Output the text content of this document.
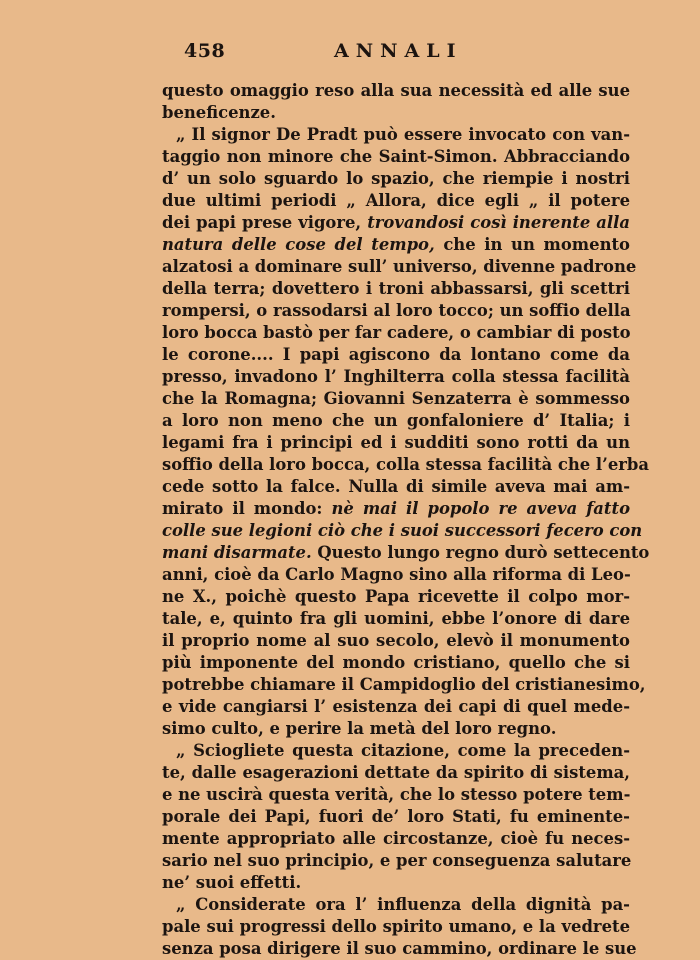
458	ANNALI
questo omaggio reso alla sua necessità ed alle sue
beneficenze.
„ Il signor De Pradt può essere invocato con van-
taggio non minore che Saint-Simon. Abbracciando
d’ un solo sguardo lo spazio, che riempie i nostri
due ultimi periodi „ Allora, dice egli „ il potere
dei papi prese vigore, trovandosi così inerente alla
natura delle cose del tempo, che in un momento
alzatosi a dominare sull’ universo, divenne padrone
della terra; dovettero i troni abbassarsi, gli scettri
rompersi, o rassodarsi al loro tocco; un soffio della
loro bocca bastò per far cadere, o cambiar di posto
le corone.... I papi agiscono da lontano come da
presso, invadono l’ Inghilterra colla stessa facilità
che la Romagna; Giovanni Senzaterra è sommesso
a loro non meno che un gonfaloniere d’ Italia; i
legami fra i principi ed i sudditi sono rotti da un
soffio della loro bocca, colla stessa facilità che l’erba
cede sotto la falce. Nulla di simile aveva mai am-
mirato il mondo: nè mai il popolo re aveva fatto
colle sue legioni ciò che i suoi successori fecero con
mani disarmate. Questo lungo regno durò settecento
anni, cioè da Carlo Magno sino alla riforma di Leo-
ne X., poichè questo Papa ricevette il colpo mor-
tale, e, quinto fra gli uomini, ebbe l’onore di dare
il proprio nome al suo secolo, elevò il monumento
più imponente del mondo cristiano, quello che si
potrebbe chiamare il Campidoglio del cristianesimo,
e vide cangiarsi l’ esistenza dei capi di quel mede-
simo culto, e perire la metà del loro regno.
„ Sciogliete questa citazione, come la preceden-
te, dalle esagerazioni dettate da spirito di sistema,
e ne uscirà questa verità, che lo stesso potere tem-
porale dei Papi, fuori de’ loro Stati, fu eminente-
mente appropriato alle circostanze, cioè fu neces-
sario nel suo principio, e per conseguenza salutare
ne’ suoi effetti.
„ Considerate ora l’ influenza della dignità pa-
pale sui progressi dello spirito umano, e la vedrete
senza posa dirigere il suo cammino, ordinare le sue
